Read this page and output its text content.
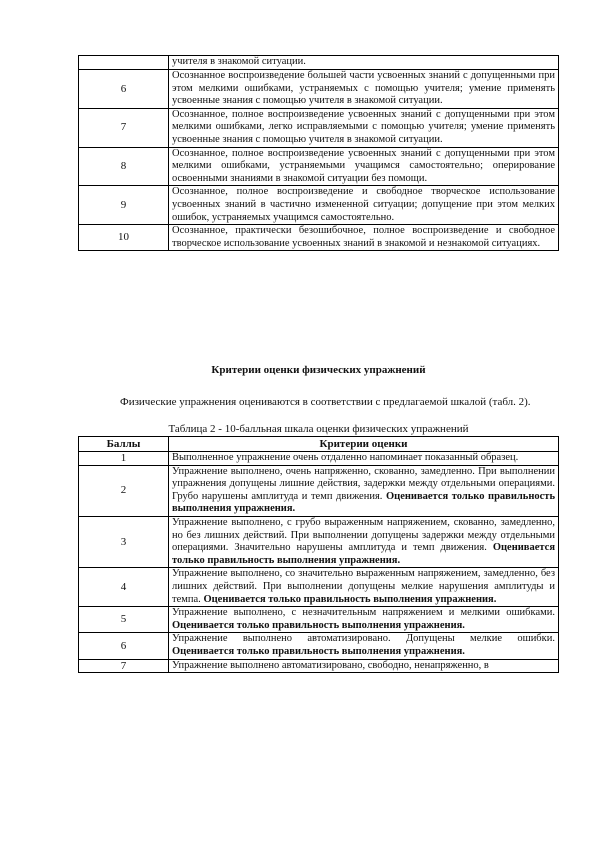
	учителя в знакомой ситуации.
6	Осознанное воспроизведение большей части усвоенных знаний с допущенными при этом мелкими ошибками, устраняемых с помощью учителя; умение применять усвоенные знания с помощью учителя в знакомой ситуации.
7	Осознанное, полное воспроизведение усвоенных знаний с допущенными при этом мелкими ошибками, легко исправляемыми с помощью учителя; умение применять усвоенные знания с помощью учителя в знакомой ситуации.
8	Осознанное, полное воспроизведение усвоенных знаний с допущенными при этом мелкими ошибками, устраняемыми учащимся самостоятельно; оперирование освоенными знаниями в знакомой ситуации без помощи.
9	Осознанное, полное воспроизведение и свободное творческое использование усвоенных знаний в частично измененной ситуации; допущение при этом мелких ошибок, устраняемых учащимся самостоятельно.
10	Осознанное, практически безошибочное, полное воспроизведение и свободное творческое использование усвоенных знаний в знакомой и незнакомой ситуациях.
Критерии оценки физических упражнений
Физические упражнения оцениваются в соответствии с предлагаемой шкалой (табл. 2).
Таблица 2 - 10-балльная шкала оценки физических упражнений
Баллы	Критерии оценки
1	Выполненное упражнение очень отдаленно напоминает показанный образец.
2	Упражнение выполнено, очень напряженно, скованно, замедленно. При выполнении упражнения допущены лишние действия, задержки между отдельными операциями. Грубо нарушены амплитуда и темп движения. Оценивается только правильность выполнения упражнения.
3	Упражнение выполнено, с грубо выраженным напряжением, скованно, замедленно, но без лишних действий. При выполнении допущены задержки между отдельными операциями. Значительно нарушены амплитуда и темп движения. Оценивается только правильность выполнения упражнения.
4	Упражнение выполнено, со значительно выраженным напряжением, замедленно, без лишних действий. При выполнении допущены мелкие нарушения амплитуды и темпа. Оценивается только правильность выполнения упражнения.
5	Упражнение выполнено, с незначительным напряжением и мелкими ошибками. Оценивается только правильность выполнения упражнения.
6	Упражнение выполнено автоматизировано. Допущены мелкие ошибки. Оценивается только правильность выполнения упражнения.
7	Упражнение выполнено автоматизировано, свободно, ненапряженно, в
